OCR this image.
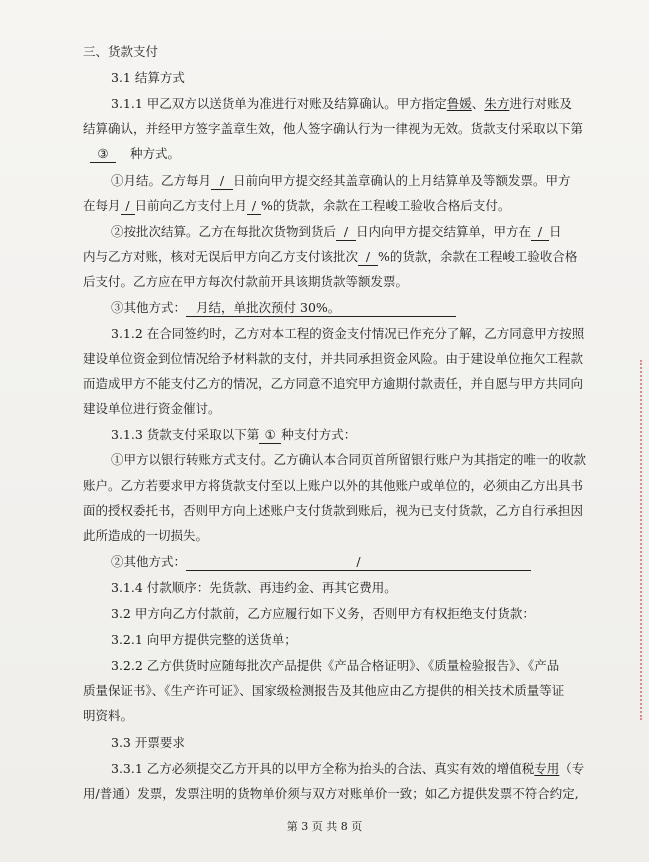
三、货款支付
3.1 结算方式
3.1.1 甲乙双方以送货单为准进行对账及结算确认。甲方指定鲁媛、朱方进行对账及
结算确认，并经甲方签字盖章生效，他人签字确认行为一律视为无效。货款支付采取以下第
③ 种方式。
①月结。乙方每月 / 日前向甲方提交经其盖章确认的上月结算单及等额发票。甲方
在每月 / 日前向乙方支付上月 / %的货款，余款在工程峻工验收合格后支付。
②按批次结算。乙方在每批次货物到货后 / 日内向甲方提交结算单，甲方在 / 日
内与乙方对账，核对无误后甲方向乙方支付该批次 / %的货款，余款在工程峻工验收合格
后支付。乙方应在甲方每次付款前开具该期货款等额发票。
③其他方式： 月结，单批次预付 30%。
3.1.2 在合同签约时，乙方对本工程的资金支付情况已作充分了解，乙方同意甲方按照
建设单位资金到位情况给予材料款的支付，并共同承担资金风险。由于建设单位拖欠工程款
而造成甲方不能支付乙方的情况，乙方同意不追究甲方逾期付款责任，并自愿与甲方共同向
建设单位进行资金催讨。
3.1.3 货款支付采取以下第 ① 种支付方式：
①甲方以银行转账方式支付。乙方确认本合同页首所留银行账户为其指定的唯一的收款
账户。乙方若要求甲方将货款支付至以上账户以外的其他账户或单位的，必须由乙方出具书
面的授权委托书，否则甲方向上述账户支付货款到账后，视为已支付货款，乙方自行承担因
此所造成的一切损失。
②其他方式：	/
3.1.4 付款顺序：先货款、再违约金、再其它费用。
3.2 甲方向乙方付款前，乙方应履行如下义务，否则甲方有权拒绝支付货款：
3.2.1 向甲方提供完整的送货单；
3.2.2 乙方供货时应随每批次产品提供《产品合格证明》、《质量检验报告》、《产品
质量保证书》、《生产许可证》、国家级检测报告及其他应由乙方提供的相关技术质量等证
明资料。
3.3 开票要求
3.3.1 乙方必须提交乙方开具的以甲方全称为抬头的合法、真实有效的增值税专用（专
用/普通）发票，发票注明的货物单价须与双方对账单价一致；如乙方提供发票不符合约定,
第 3 页 共 8 页
